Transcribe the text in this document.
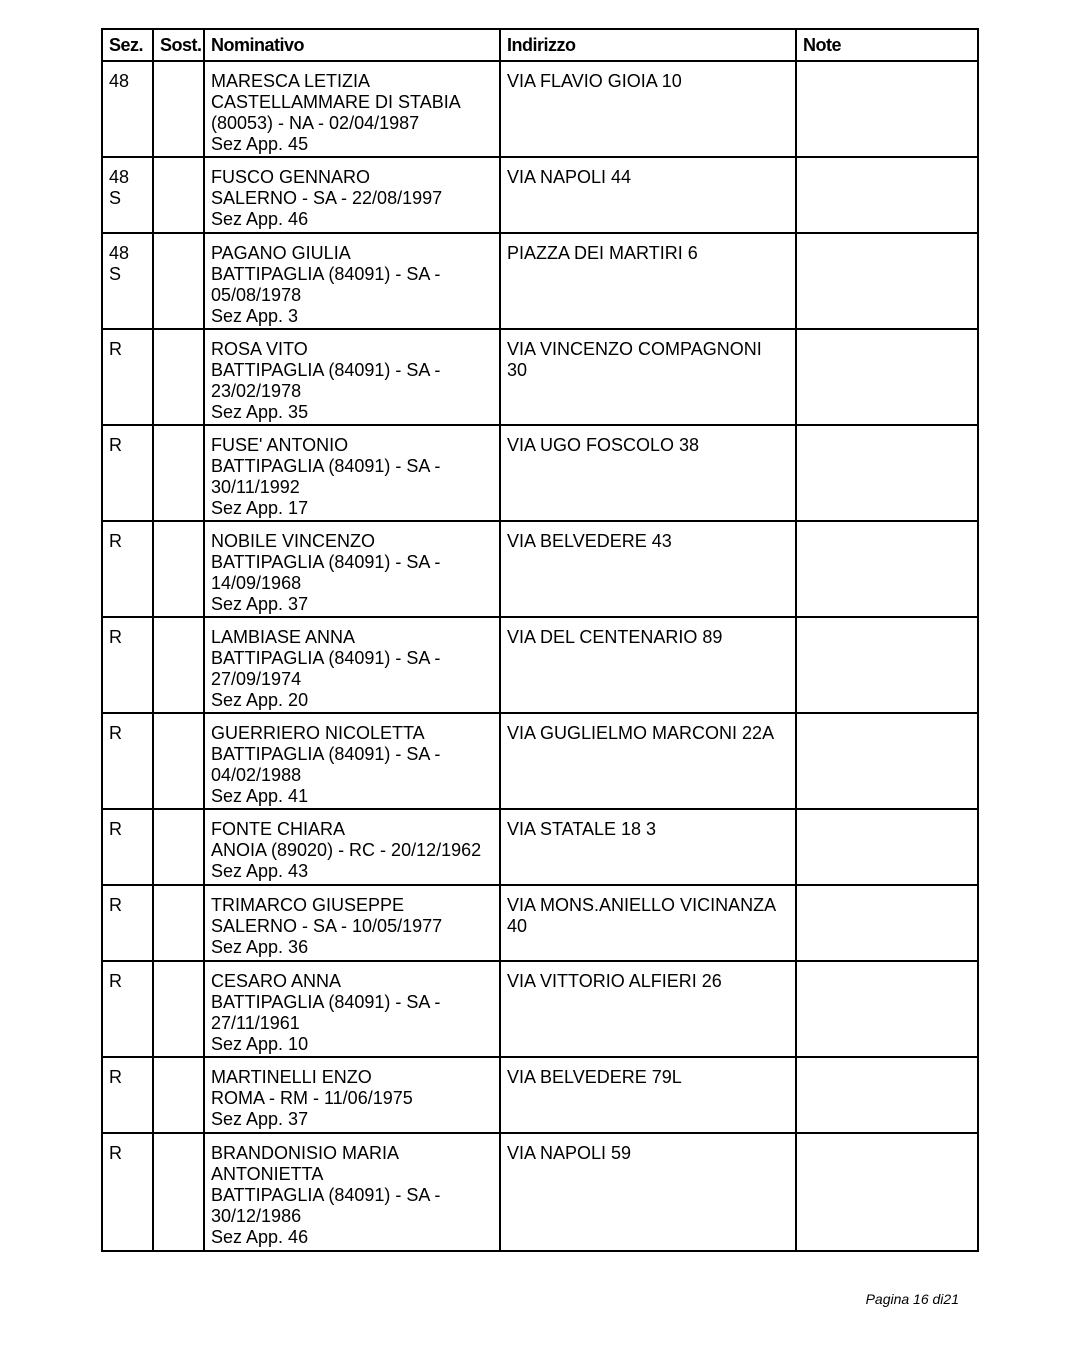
Sez.	Sost.	Nominativo	Indirizzo	Note

48		MARESCA LETIZIA
CASTELLAMMARE DI STABIA
(80053) - NA - 02/04/1987
Sez App. 45	VIA FLAVIO GIOIA 10	

48
S		FUSCO GENNARO
SALERNO - SA - 22/08/1997
Sez App. 46	VIA NAPOLI 44	

48
S		PAGANO GIULIA
BATTIPAGLIA (84091) - SA -
05/08/1978
Sez App. 3	PIAZZA DEI MARTIRI 6	

R		ROSA VITO
BATTIPAGLIA (84091) - SA -
23/02/1978
Sez App. 35	VIA VINCENZO COMPAGNONI
30	

R		FUSE' ANTONIO
BATTIPAGLIA (84091) - SA -
30/11/1992
Sez App. 17	VIA UGO FOSCOLO 38	

R		NOBILE VINCENZO
BATTIPAGLIA (84091) - SA -
14/09/1968
Sez App. 37	VIA BELVEDERE 43	

R		LAMBIASE ANNA
BATTIPAGLIA (84091) - SA -
27/09/1974
Sez App. 20	VIA DEL CENTENARIO 89	

R		GUERRIERO NICOLETTA
BATTIPAGLIA (84091) - SA -
04/02/1988
Sez App. 41	VIA GUGLIELMO MARCONI 22A	

R		FONTE CHIARA
ANOIA (89020) - RC - 20/12/1962
Sez App. 43	VIA STATALE 18 3	

R		TRIMARCO GIUSEPPE
SALERNO - SA - 10/05/1977
Sez App. 36	VIA MONS.ANIELLO VICINANZA
40	

R		CESARO ANNA
BATTIPAGLIA (84091) - SA -
27/11/1961
Sez App. 10	VIA VITTORIO ALFIERI 26	

R		MARTINELLI ENZO
ROMA - RM - 11/06/1975
Sez App. 37	VIA BELVEDERE 79L	

R		BRANDONISIO MARIA
ANTONIETTA
BATTIPAGLIA (84091) - SA -
30/12/1986
Sez App. 46	VIA NAPOLI 59	

Pagina 16 di21
